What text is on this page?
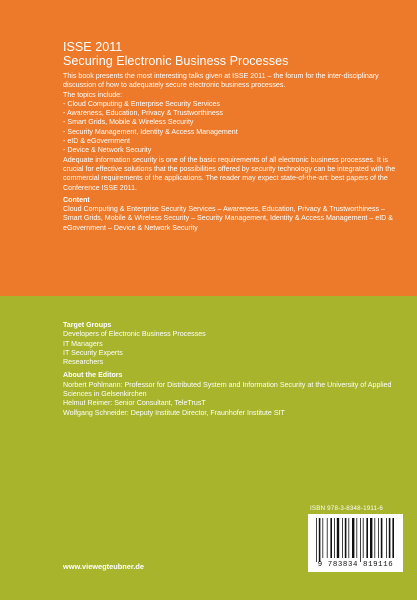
ISSE 2011
Securing Electronic Business Processes

This book presents the most interesting talks given at ISSE 2011 – the forum for the inter-disciplinary discussion of how to adequately secure electronic business processes.

The topics include:

- Cloud Computing & Enterprise Security Services
- Awareness, Education, Privacy & Trustworthiness
- Smart Grids, Mobile & Wireless Security
- Security Management, Identity & Access Management
- eID & eGovernment
- Device & Network Security

Adequate information security is one of the basic requirements of all electronic business processes. It is crucial for effective solutions that the possibilities offered by security technology can be integrated with the commercial requirements of the applications. The reader may expect state-of-the-art: best papers of the Conference ISSE 2011.

Content

Cloud Computing & Enterprise Security Services – Awareness, Education, Privacy & Trustworthiness – Smart Grids, Mobile & Wireless Security – Security Management, Identity & Access Management – eID & eGovernment – Device & Network Security

Target Groups

Developers of Electronic Business Processes

IT Managers

IT Security Experts

Researchers

About the Editors

Norbert Pohlmann: Professor for Distributed System and Information Security at the University of Applied Sciences in Gelsenkirchen

Helmut Reimer: Senior Consultant, TeleTrusT

Wolfgang Schneider: Deputy Institute Director, Fraunhofer Institute SIT

ISBN 978-3-8348-1911-6
9 783834 819116
www.viewegteubner.de
